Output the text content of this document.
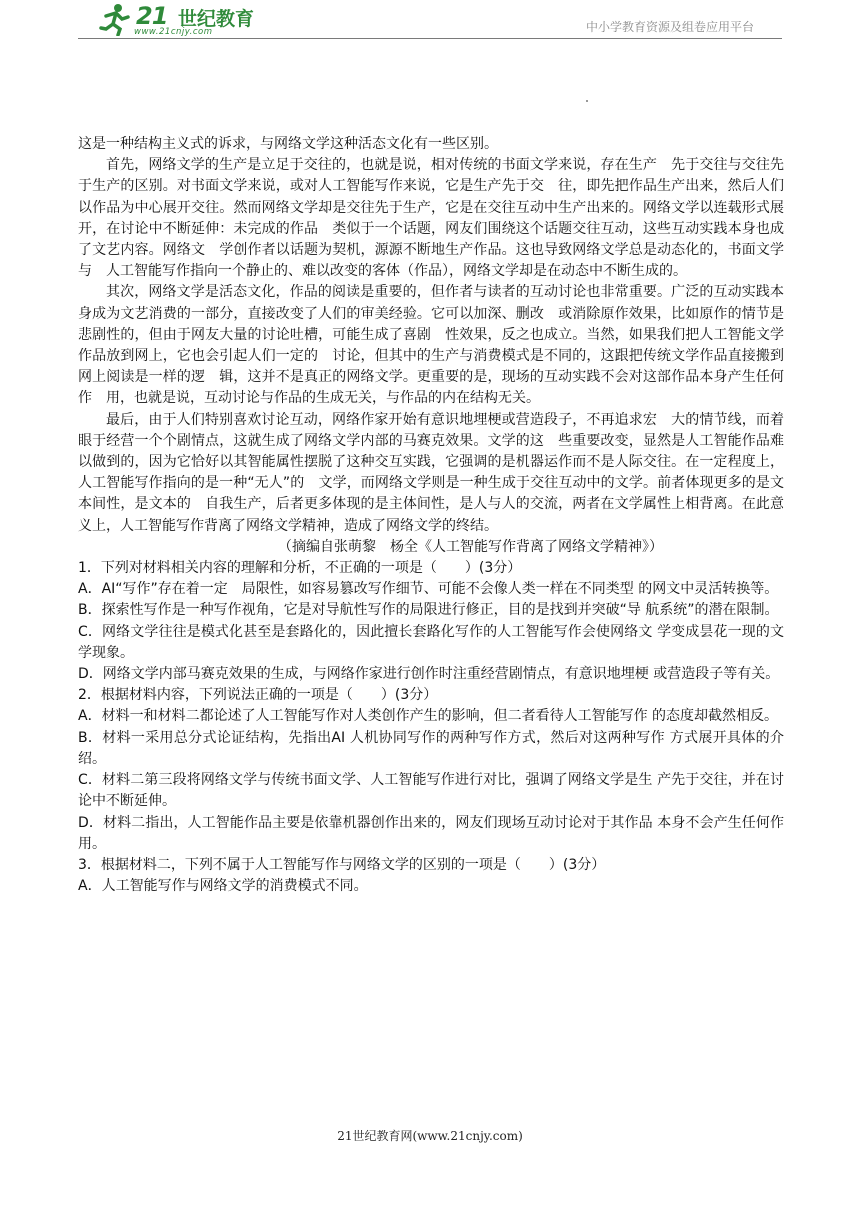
21 世纪教育
www.21cnjy.com	中小学教育资源及组卷应用平台

这是一种结构主义式的诉求，与网络文学这种活态文化有一些区别。

首先，网络文学的生产是立足于交往的，也就是说，相对传统的书面文学来说，存在生产　先于交往与交往先于生产的区别。对书面文学来说，或对人工智能写作来说，它是生产先于交　往，即先把作品生产出来，然后人们以作品为中心展开交往。然而网络文学却是交往先于生产，它是在交往互动中生产出来的。网络文学以连载形式展开，在讨论中不断延伸：未完成的作品　类似于一个话题，网友们围绕这个话题交往互动，这些互动实践本身也成了文艺内容。网络文　学创作者以话题为契机，源源不断地生产作品。这也导致网络文学总是动态化的，书面文学与　人工智能写作指向一个静止的、难以改变的客体（作品），网络文学却是在动态中不断生成的。

其次，网络文学是活态文化，作品的阅读是重要的，但作者与读者的互动讨论也非常重要。广泛的互动实践本身成为文艺消费的一部分，直接改变了人们的审美经验。它可以加深、删改　或消除原作效果，比如原作的情节是悲剧性的，但由于网友大量的讨论吐槽，可能生成了喜剧　性效果，反之也成立。当然，如果我们把人工智能文学作品放到网上，它也会引起人们一定的　讨论，但其中的生产与消费模式是不同的，这跟把传统文学作品直接搬到网上阅读是一样的逻　辑，这并不是真正的网络文学。更重要的是，现场的互动实践不会对这部作品本身产生任何作　用，也就是说，互动讨论与作品的生成无关，与作品的内在结构无关。

最后，由于人们特别喜欢讨论互动，网络作家开始有意识地埋梗或营造段子，不再追求宏　大的情节线，而着眼于经营一个个剧情点，这就生成了网络文学内部的马赛克效果。文学的这　些重要改变，显然是人工智能作品难以做到的，因为它恰好以其智能属性摆脱了这种交互实践，它强调的是机器运作而不是人际交往。在一定程度上，人工智能写作指向的是一种“无人”的　文学，而网络文学则是一种生成于交往互动中的文学。前者体现更多的是文本间性，是文本的　自我生产，后者更多体现的是主体间性，是人与人的交流，两者在文学属性上相背离。在此意　义上，人工智能写作背离了网络文学精神，造成了网络文学的终结。

（摘编自张萌黎　杨全《人工智能写作背离了网络文学精神》）

1．下列对材料相关内容的理解和分析，不正确的一项是（　　）(3分）

A．AI“写作”存在着一定　局限性，如容易篡改写作细节、可能不会像人类一样在不同类型 的网文中灵活转换等。

B．探索性写作是一种写作视角，它是对导航性写作的局限进行修正，目的是找到并突破“导 航系统”的潜在限制。

C．网络文学往往是模式化甚至是套路化的，因此擅长套路化写作的人工智能写作会使网络文 学变成昙花一现的文学现象。

D．网络文学内部马赛克效果的生成，与网络作家进行创作时注重经营剧情点，有意识地埋梗 或营造段子等有关。

2．根据材料内容，下列说法正确的一项是（　　）(3分）

A．材料一和材料二都论述了人工智能写作对人类创作产生的影响，但二者看待人工智能写作 的态度却截然相反。

B．材料一采用总分式论证结构，先指出AI 人机协同写作的两种写作方式，然后对这两种写作 方式展开具体的介绍。

C．材料二第三段将网络文学与传统书面文学、人工智能写作进行对比，强调了网络文学是生 产先于交往，并在讨论中不断延伸。

D．材料二指出，人工智能作品主要是依靠机器创作出来的，网友们现场互动讨论对于其作品 本身不会产生任何作用。

3．根据材料二，下列不属于人工智能写作与网络文学的区别的一项是（　　）(3分）

A．人工智能写作与网络文学的消费模式不同。

21世纪教育网(www.21cnjy.com)
